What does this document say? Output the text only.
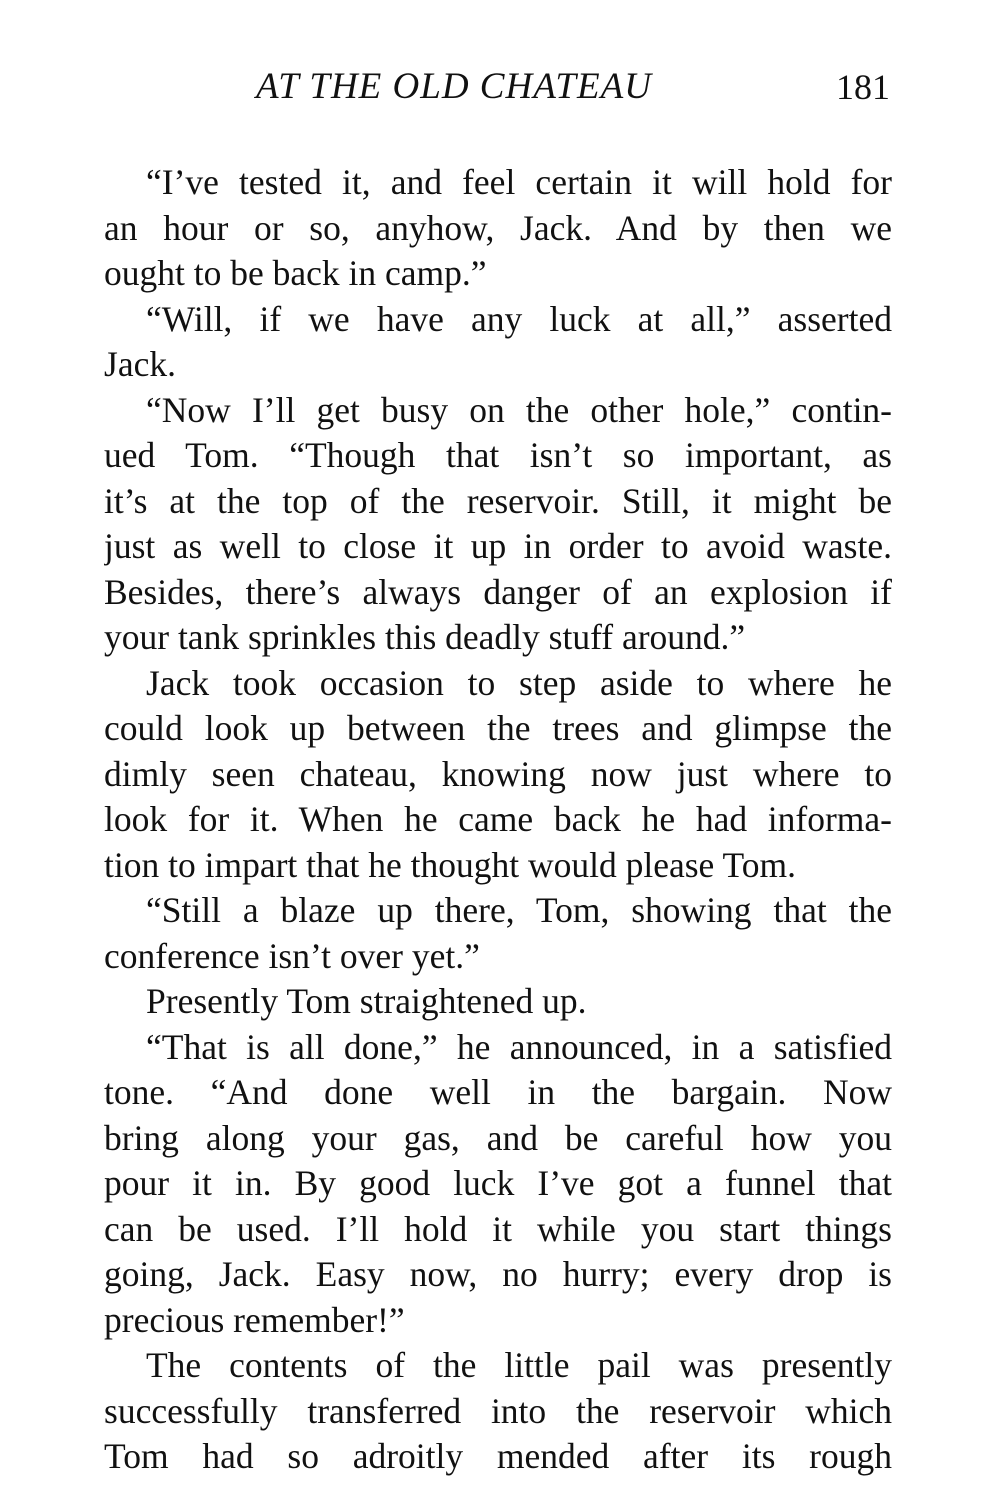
AT THE OLD CHATEAU	181
“I’ve tested it, and feel certain it will hold for
an hour or so, anyhow, Jack. And by then we
ought to be back in camp.”
“Will, if we have any luck at all,” asserted
Jack.
“Now I’ll get busy on the other hole,” contin-
ued Tom. “Though that isn’t so important, as
it’s at the top of the reservoir. Still, it might be
just as well to close it up in order to avoid waste.
Besides, there’s always danger of an explosion if
your tank sprinkles this deadly stuff around.”
Jack took occasion to step aside to where he
could look up between the trees and glimpse the
dimly seen chateau, knowing now just where to
look for it. When he came back he had informa-
tion to impart that he thought would please Tom.
“Still a blaze up there, Tom, showing that the
conference isn’t over yet.”
Presently Tom straightened up.
“That is all done,” he announced, in a satisfied
tone. “And done well in the bargain. Now
bring along your gas, and be careful how you
pour it in. By good luck I’ve got a funnel that
can be used. I’ll hold it while you start things
going, Jack. Easy now, no hurry; every drop is
precious remember!”
The contents of the little pail was presently
successfully transferred into the reservoir which
Tom had so adroitly mended after its rough
